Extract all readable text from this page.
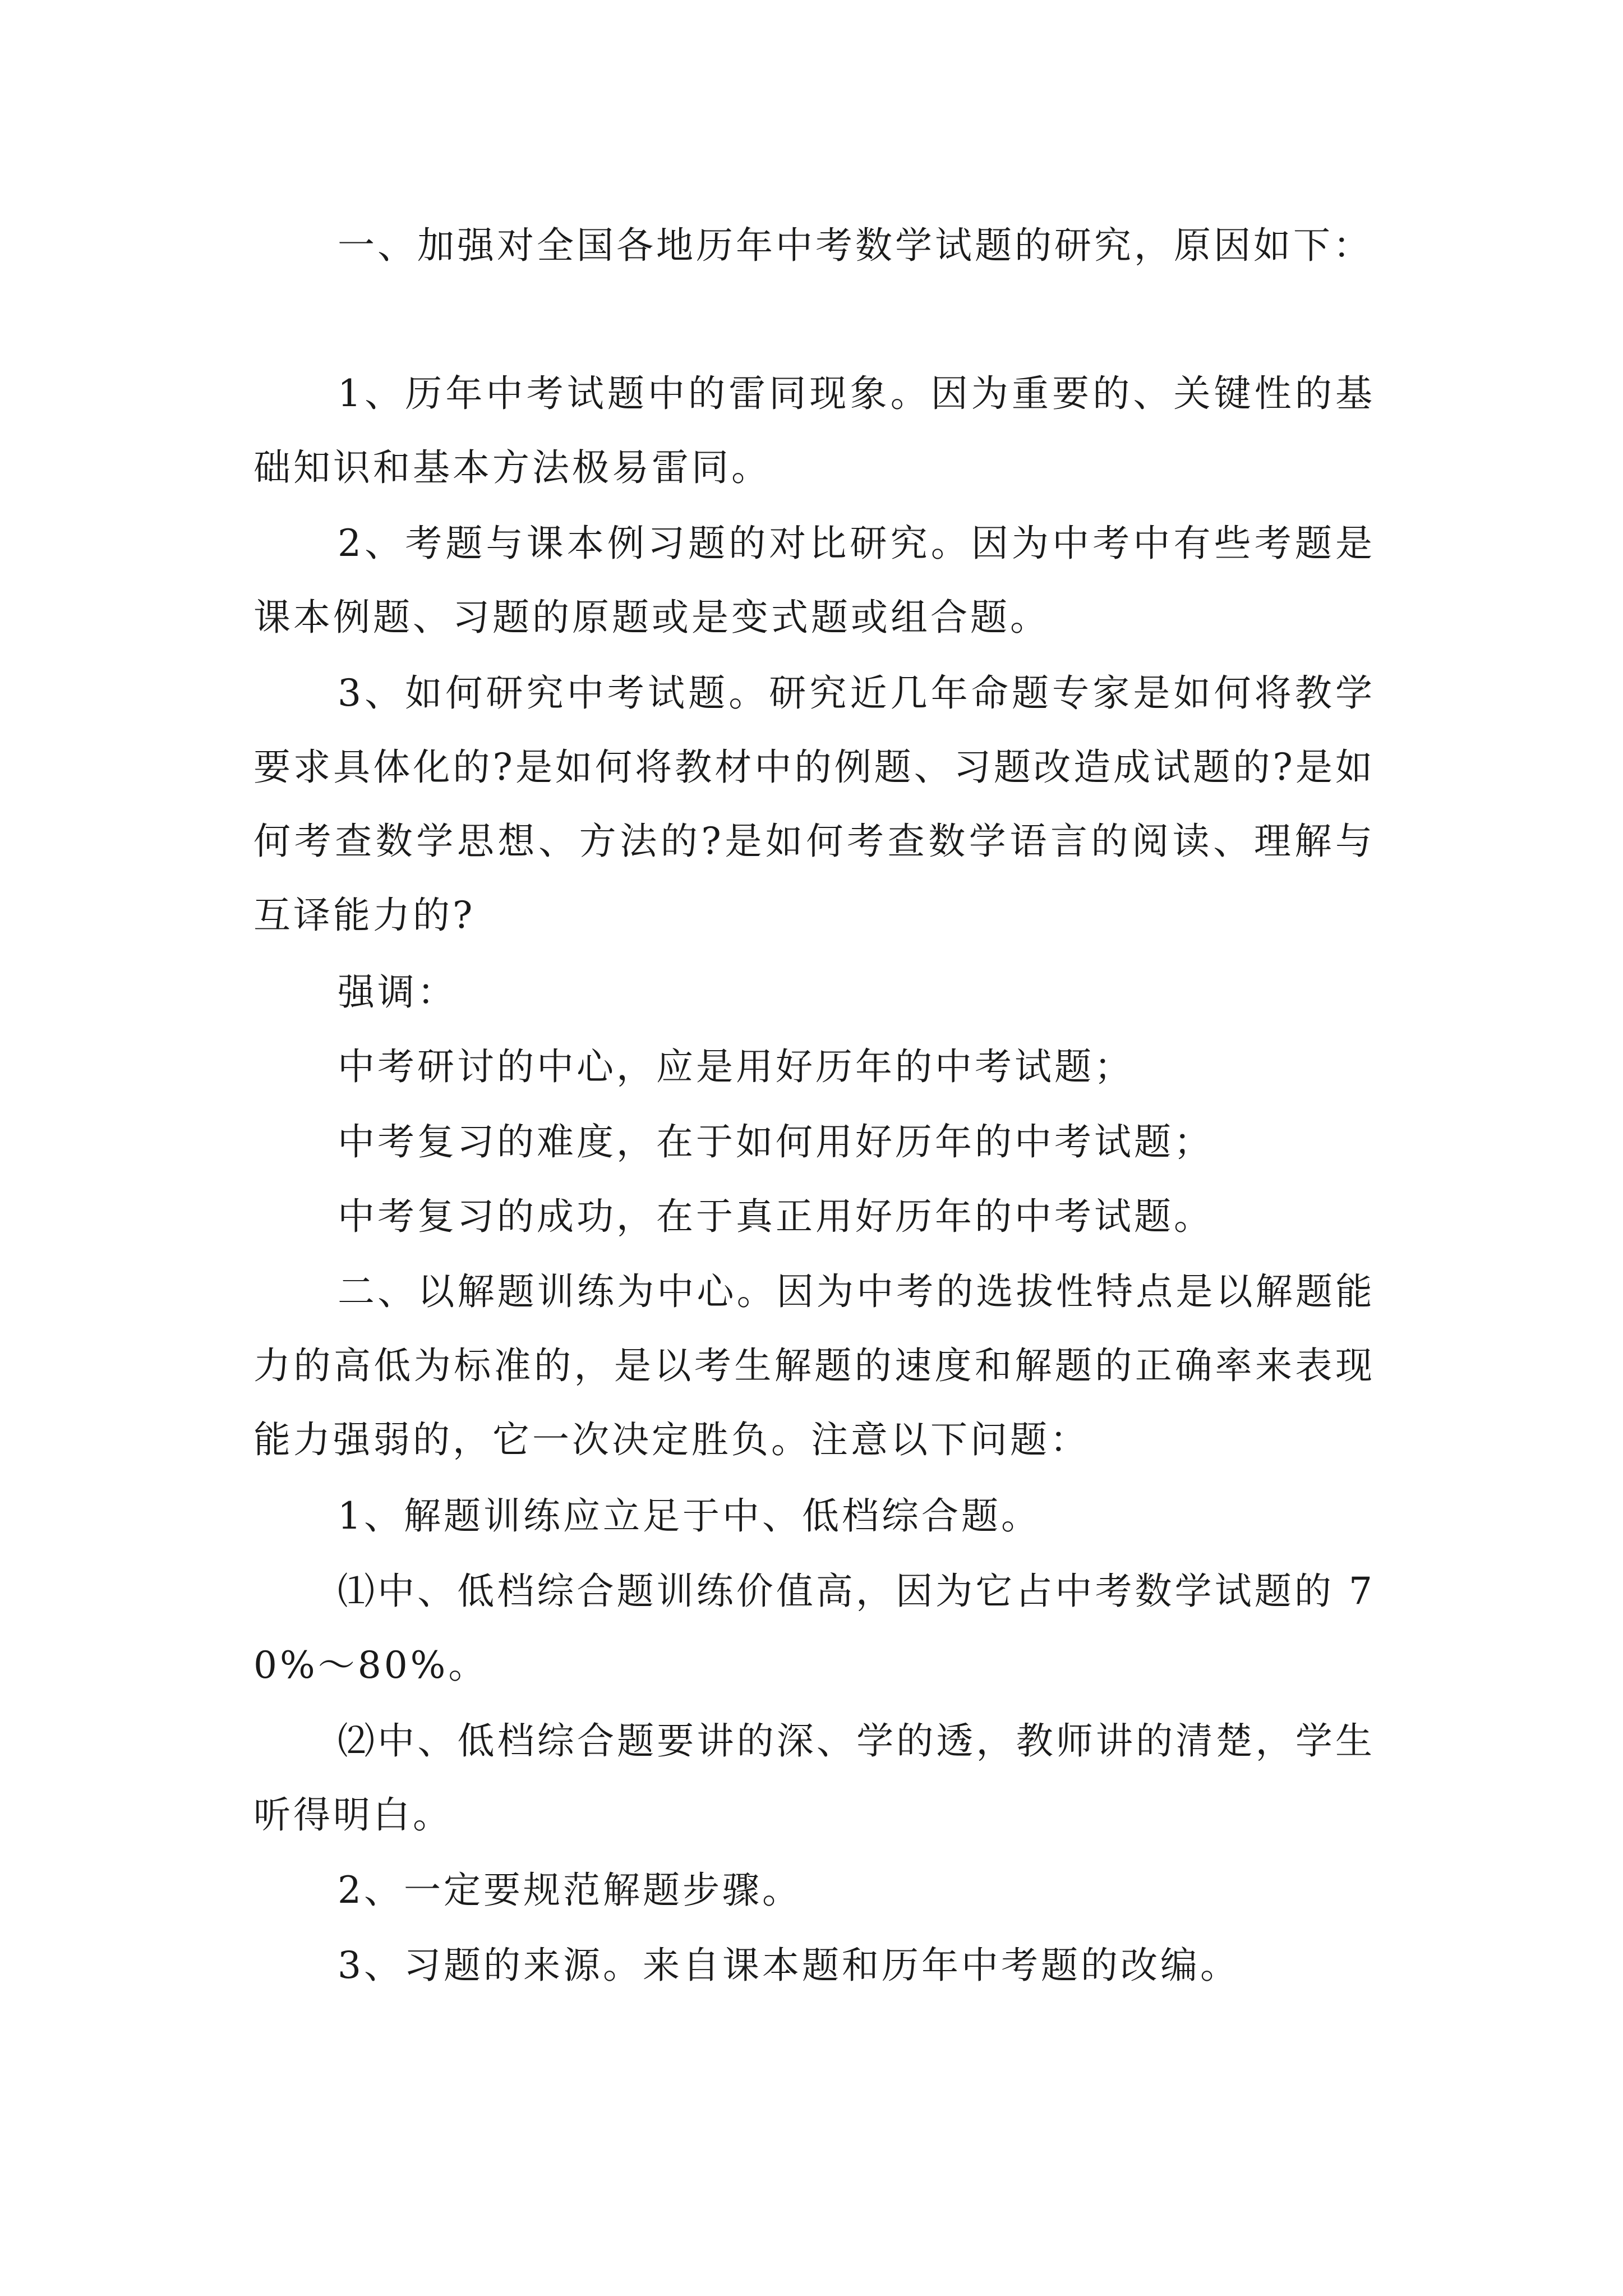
一、加强对全国各地历年中考数学试题的研究，原因如下：

1、历年中考试题中的雷同现象。因为重要的、关键性的基础知识和基本方法极易雷同。

2、考题与课本例习题的对比研究。因为中考中有些考题是课本例题、习题的原题或是变式题或组合题。

3、如何研究中考试题。研究近几年命题专家是如何将教学要求具体化的?是如何将教材中的例题、习题改造成试题的?是如何考查数学思想、方法的?是如何考查数学语言的阅读、理解与互译能力的?

强调：

中考研讨的中心，应是用好历年的中考试题；

中考复习的难度，在于如何用好历年的中考试题；

中考复习的成功，在于真正用好历年的中考试题。

二、以解题训练为中心。因为中考的选拔性特点是以解题能力的高低为标准的，是以考生解题的速度和解题的正确率来表现能力强弱的，它一次决定胜负。注意以下问题：

1、解题训练应立足于中、低档综合题。

⑴中、低档综合题训练价值高，因为它占中考数学试题的 70%～80%。

⑵中、低档综合题要讲的深、学的透，教师讲的清楚，学生听得明白。

2、一定要规范解题步骤。

3、习题的来源。来自课本题和历年中考题的改编。
